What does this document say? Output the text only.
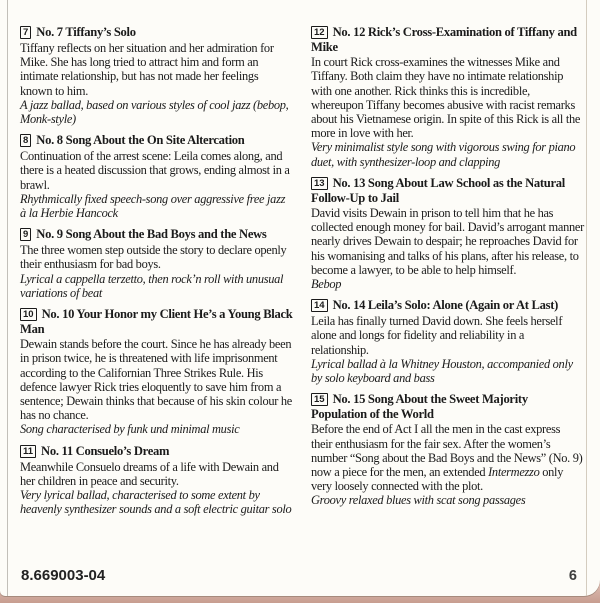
7 No. 7 Tiffany’s Solo

Tiffany reflects on her situation and her admiration for Mike. She has long tried to attract him and form an intimate relationship, but has not made her feelings known to him.

A jazz ballad, based on various styles of cool jazz (bebop, Monk-style)

8 No. 8 Song About the On Site Altercation

Continuation of the arrest scene: Leila comes along, and there is a heated discussion that grows, ending almost in a brawl.

Rhythmically fixed speech-song over aggressive free jazz à la Herbie Hancock

9 No. 9 Song About the Bad Boys and the News

The three women step outside the story to declare openly their enthusiasm for bad boys.

Lyrical a cappella terzetto, then rock’n roll with unusual variations of beat

10 No. 10 Your Honor my Client He’s a Young Black Man

Dewain stands before the court. Since he has already been in prison twice, he is threatened with life imprisonment according to the Californian Three Strikes Rule. His defence lawyer Rick tries eloquently to save him from a sentence; Dewain thinks that because of his skin colour he has no chance.

Song characterised by funk und minimal music

11 No. 11 Consuelo’s Dream

Meanwhile Consuelo dreams of a life with Dewain and her children in peace and security.

Very lyrical ballad, characterised to some extent by heavenly synthesizer sounds and a soft electric guitar solo

12 No. 12 Rick’s Cross-Examination of Tiffany and Mike

In court Rick cross-examines the witnesses Mike and Tiffany. Both claim they have no intimate relationship with one another. Rick thinks this is incredible, whereupon Tiffany becomes abusive with racist remarks about his Vietnamese origin. In spite of this Rick is all the more in love with her.

Very minimalist style song with vigorous swing for piano duet, with synthesizer-loop and clapping

13 No. 13 Song About Law School as the Natural Follow-Up to Jail

David visits Dewain in prison to tell him that he has collected enough money for bail. David’s arrogant manner nearly drives Dewain to despair; he reproaches David for his womanising and talks of his plans, after his release, to become a lawyer, to be able to help himself.

Bebop

14 No. 14 Leila’s Solo: Alone (Again or At Last)

Leila has finally turned David down. She feels herself alone and longs for fidelity and reliability in a relationship.

Lyrical ballad à la Whitney Houston, accompanied only by solo keyboard and bass

15 No. 15 Song About the Sweet Majority Population of the World

Before the end of Act I all the men in the cast express their enthusiasm for the fair sex. After the women’s number “Song about the Bad Boys and the News” (No. 9) now a piece for the men, an extended Intermezzo only very loosely connected with the plot.

Groovy relaxed blues with scat song passages

8.669003-04	6
